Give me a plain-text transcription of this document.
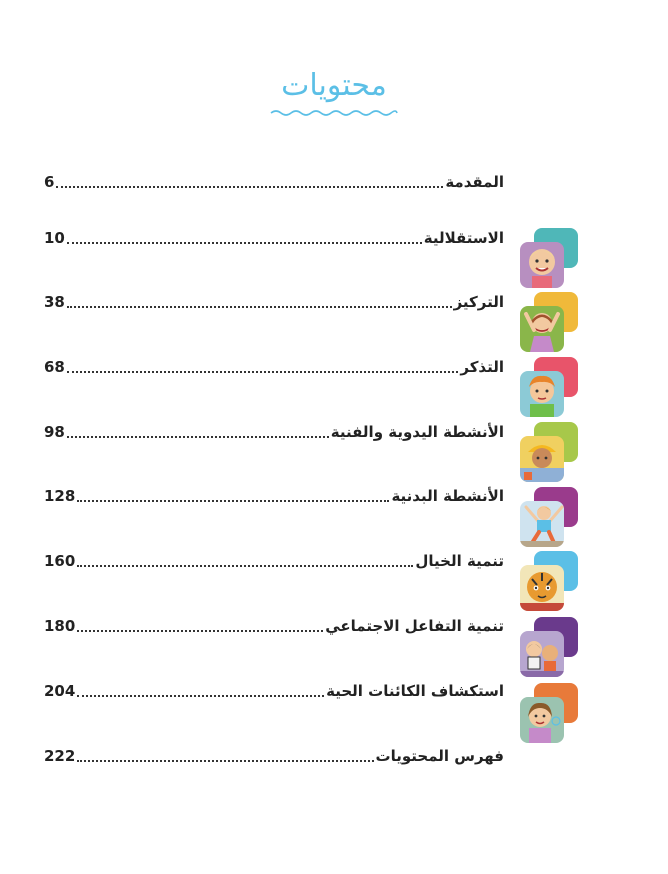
محتويات
المقدمة
6
الاستقلالية
10
التركيز
38
التذكر
68
الأنشطة اليدوية والفنية
98
الأنشطة البدنية
128
تنمية الخيال
160
تنمية التفاعل الاجتماعي
180
استكشاف الكائنات الحية
204
فهرس المحتويات
222
